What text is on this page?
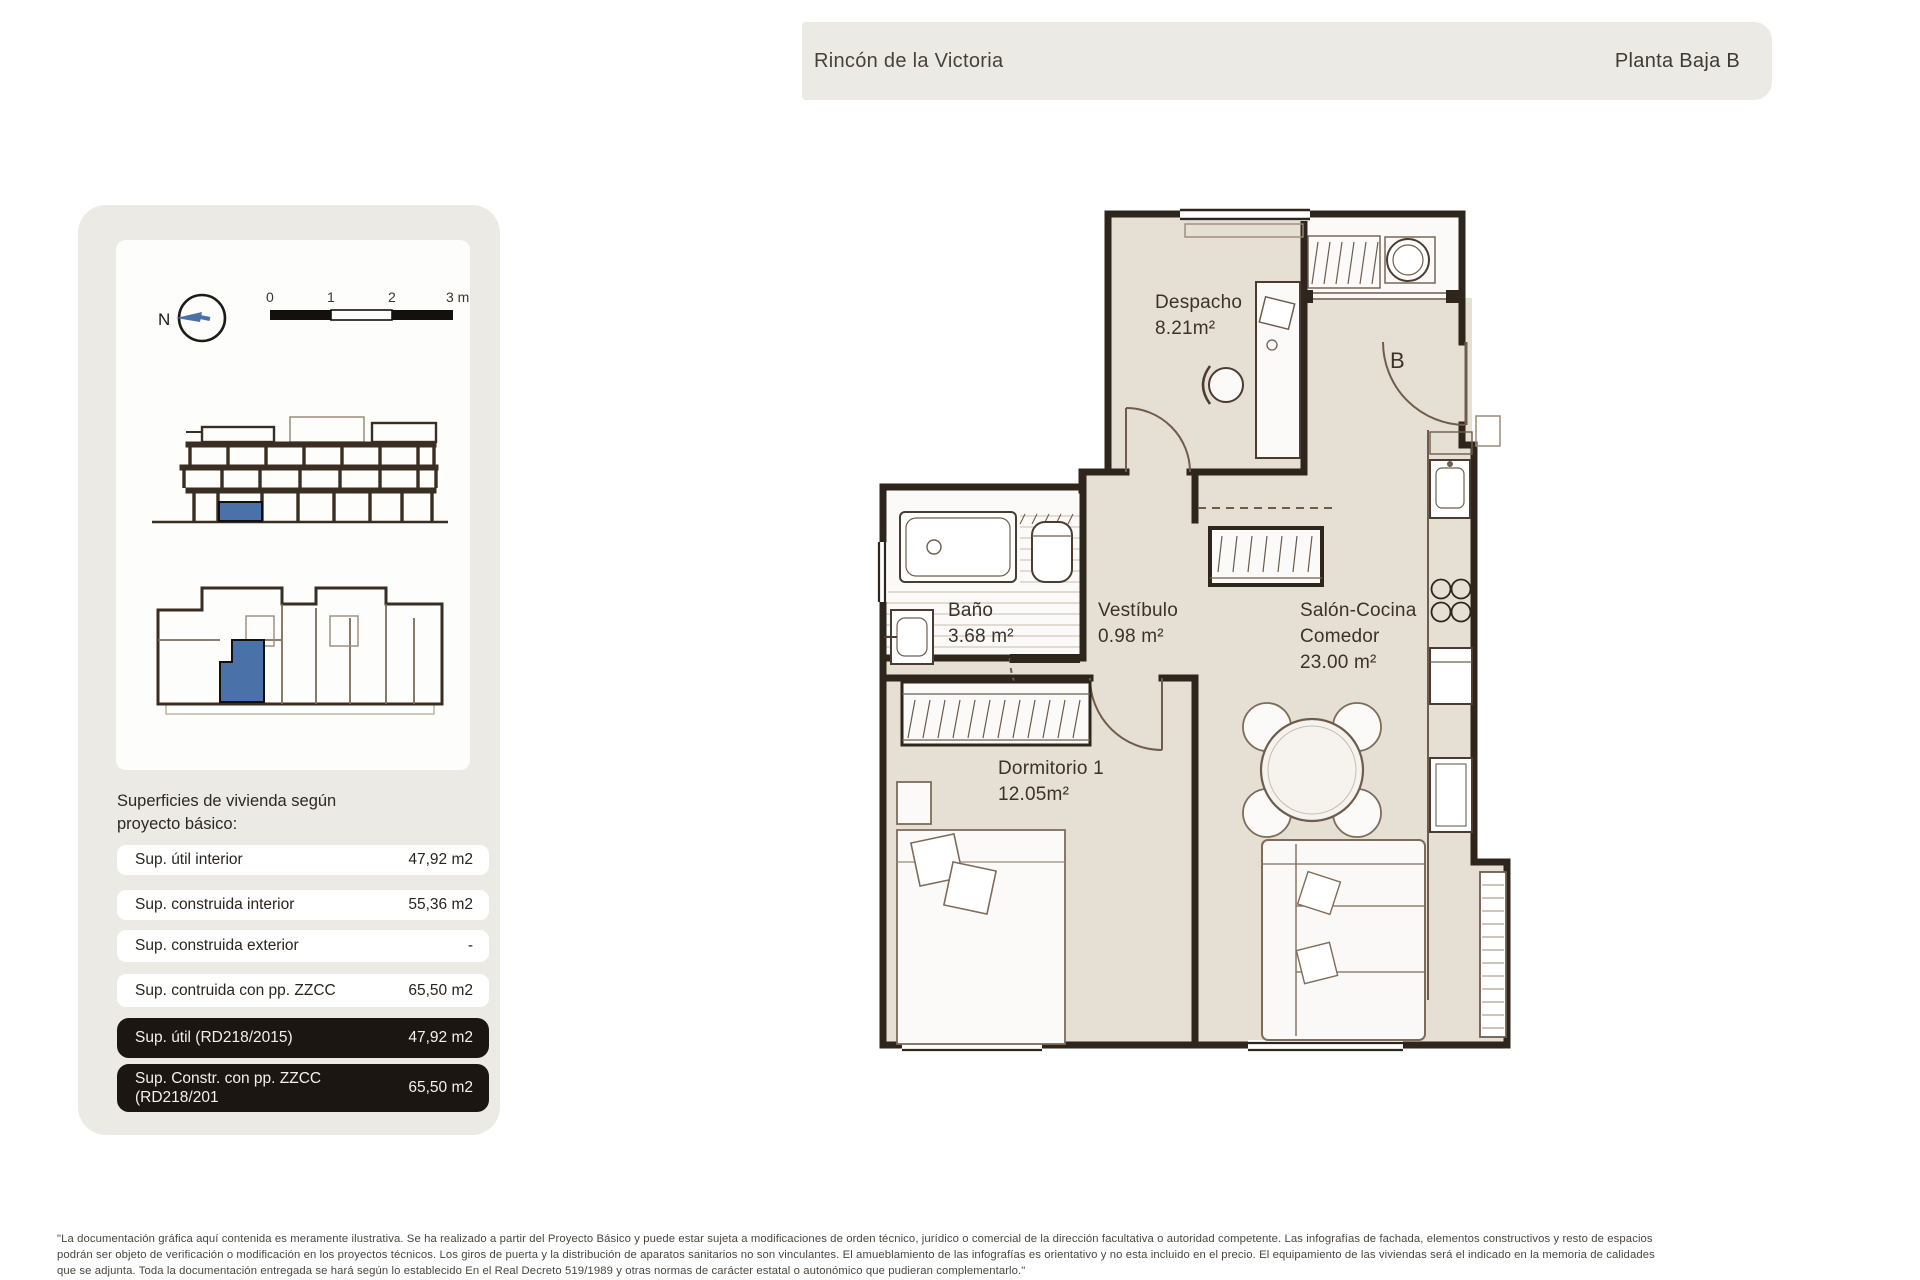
Rincón de la Victoria	Planta Baja B
N
0	1	2	3 m
Superficies de vivienda según
proyecto básico:
Sup. útil interior	47,92 m2
Sup. construida interior	55,36 m2
Sup. construida exterior	-
Sup. contruida con pp. ZZCC	65,50 m2
Sup. útil (RD218/2015)	47,92 m2
Sup. Constr. con pp. ZZCC
(RD218/201
65,50 m2
Despacho
8.21m²
Baño
3.68 m²
Vestíbulo
0.98 m²
Salón-Cocina
Comedor
23.00 m²
Dormitorio 1
12.05m²
B
"La documentación gráfica aquí contenida es meramente ilustrativa. Se ha realizado a partir del Proyecto Básico y puede estar sujeta a modificaciones de orden técnico, jurídico o comercial de la dirección facultativa o autoridad competente. Las infografías de fachada, elementos constructivos y resto de espacios
podrán ser objeto de verificación o modificación en los proyectos técnicos. Los giros de puerta y la distribución de aparatos sanitarios no son vinculantes. El amueblamiento de las infografías es orientativo y no esta incluido en el precio. El equipamiento de las viviendas será el indicado en la memoria de calidades
que se adjunta. Toda la documentación entregada se hará según lo establecido En el Real Decreto 519/1989 y otras normas de carácter estatal o autonómico que pudieran complementarlo."
